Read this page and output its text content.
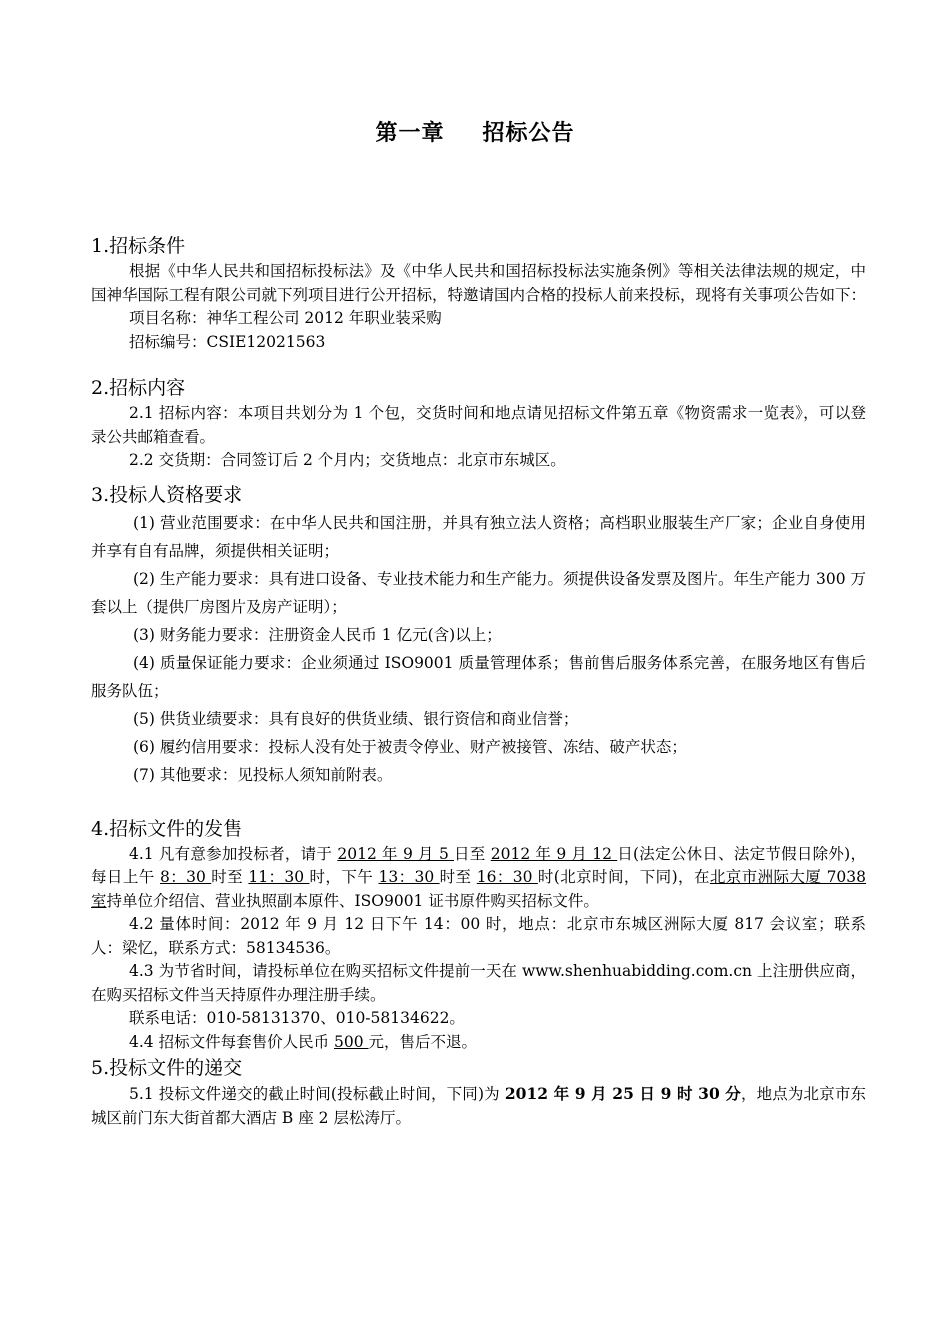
第一章 招标公告

1.招标条件

根据《中华人民共和国招标投标法》及《中华人民共和国招标投标法实施条例》等相关法律法规的规定，中国神华国际工程有限公司就下列项目进行公开招标，特邀请国内合格的投标人前来投标，现将有关事项公告如下：

项目名称：神华工程公司 2012 年职业装采购

招标编号：CSIE12021563

2.招标内容

2.1 招标内容：本项目共划分为 1 个包，交货时间和地点请见招标文件第五章《物资需求一览表》，可以登录公共邮箱查看。

2.2 交货期：合同签订后 2 个月内；交货地点：北京市东城区。

3.投标人资格要求

(1) 营业范围要求：在中华人民共和国注册，并具有独立法人资格；高档职业服装生产厂家；企业自身使用并享有自有品牌，须提供相关证明；

(2) 生产能力要求：具有进口设备、专业技术能力和生产能力。须提供设备发票及图片。年生产能力 300 万套以上（提供厂房图片及房产证明）；

(3) 财务能力要求：注册资金人民币 1 亿元(含)以上；

(4) 质量保证能力要求：企业须通过 ISO9001 质量管理体系；售前售后服务体系完善，在服务地区有售后服务队伍；

(5) 供货业绩要求：具有良好的供货业绩、银行资信和商业信誉；

(6) 履约信用要求：投标人没有处于被责令停业、财产被接管、冻结、破产状态；

(7) 其他要求：见投标人须知前附表。

4.招标文件的发售

4.1 凡有意参加投标者，请于 2012 年 9 月 5 日至 2012 年 9 月 12 日(法定公休日、法定节假日除外)，每日上午 8：30 时至 11：30 时，下午 13：30 时至 16：30 时(北京时间，下同)，在北京市洲际大厦 7038 室持单位介绍信、营业执照副本原件、ISO9001 证书原件购买招标文件。

4.2 量体时间：2012 年 9 月 12 日下午 14：00 时，地点：北京市东城区洲际大厦 817 会议室；联系人：梁忆，联系方式：58134536。

4.3 为节省时间，请投标单位在购买招标文件提前一天在 www.shenhuabidding.com.cn 上注册供应商，在购买招标文件当天持原件办理注册手续。

联系电话：010-58131370、010-58134622。

4.4 招标文件每套售价人民币 500 元，售后不退。

5.投标文件的递交

5.1 投标文件递交的截止时间(投标截止时间，下同)为 2012 年 9 月 25 日 9 时 30 分，地点为北京市东城区前门东大街首都大酒店 B 座 2 层松涛厅。
